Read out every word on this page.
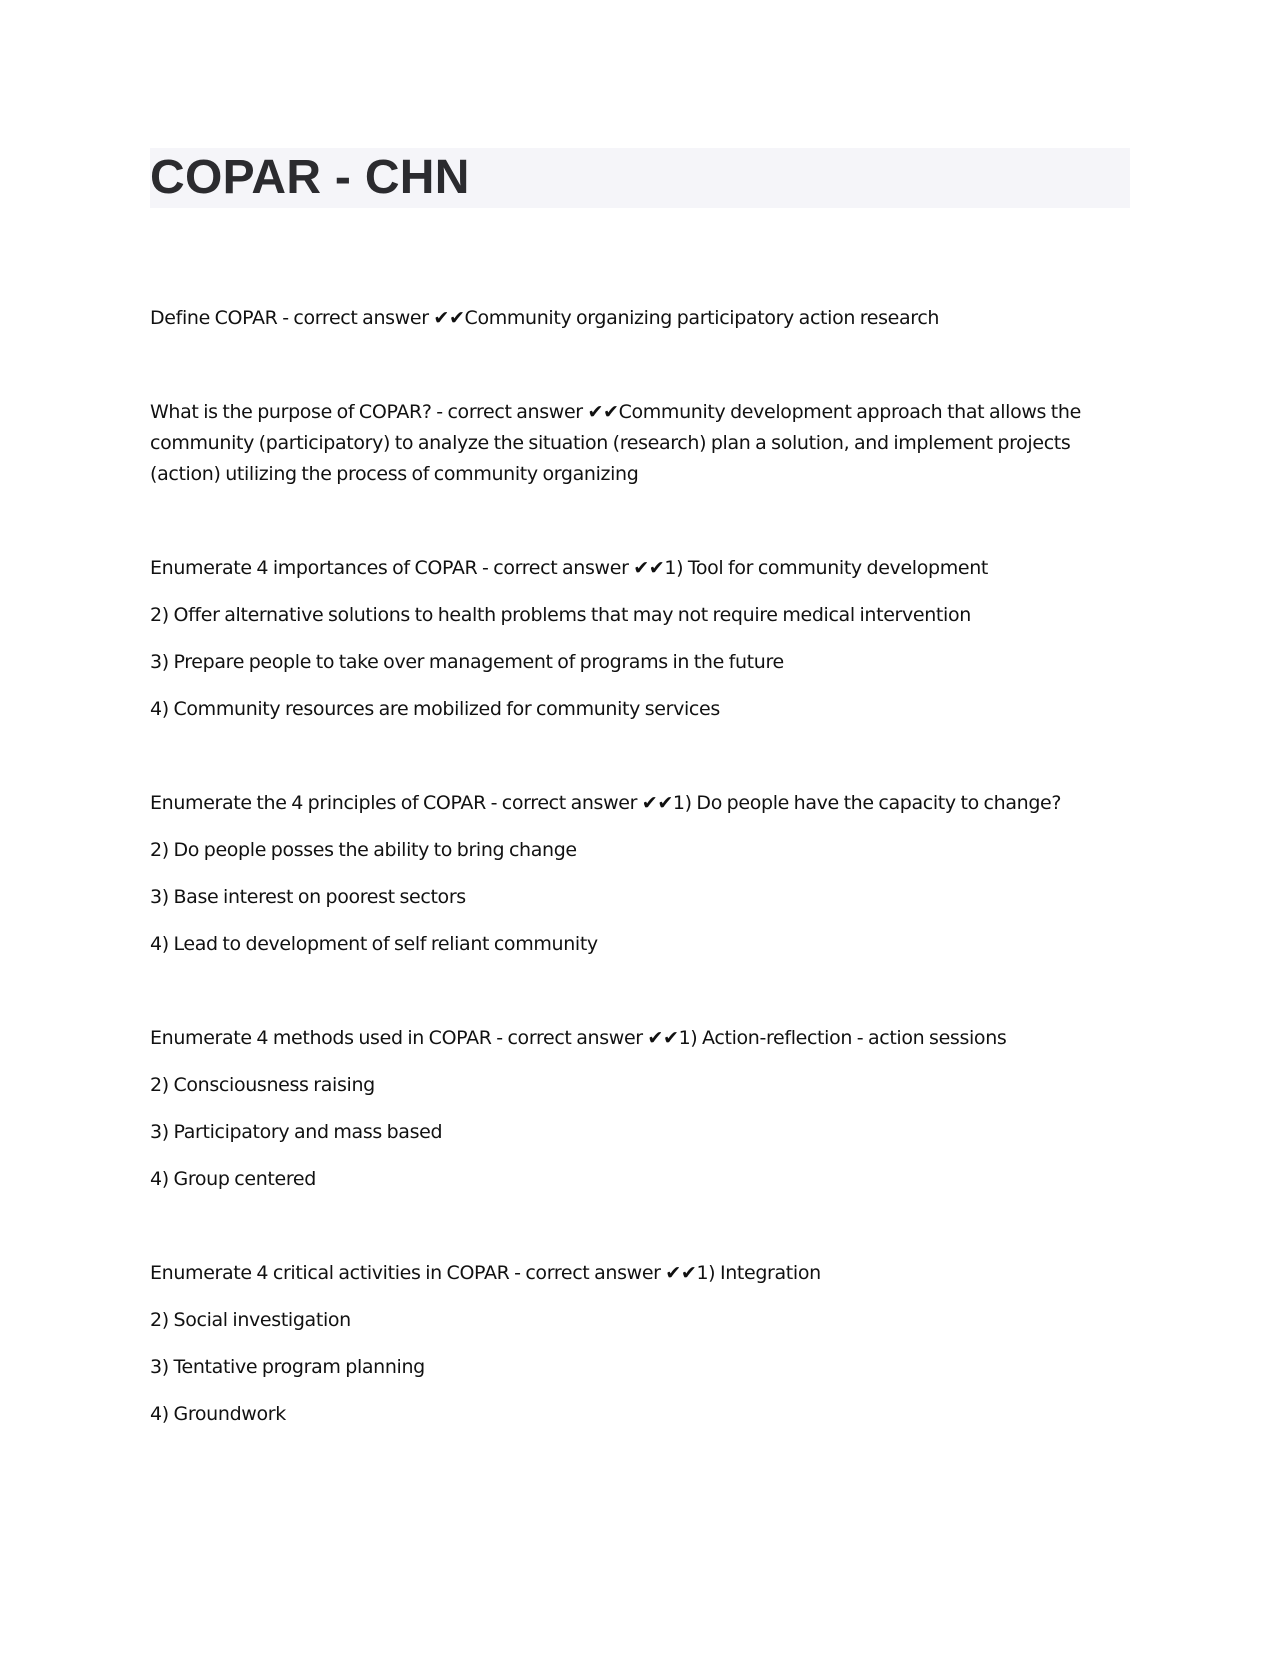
COPAR - CHN

Define COPAR - correct answer ✔✔Community organizing participatory action research

What is the purpose of COPAR? - correct answer ✔✔Community development approach that allows the community (participatory) to analyze the situation (research) plan a solution, and implement projects (action) utilizing the process of community organizing

Enumerate 4 importances of COPAR - correct answer ✔✔1) Tool for community development

2) Offer alternative solutions to health problems that may not require medical intervention

3) Prepare people to take over management of programs in the future

4) Community resources are mobilized for community services

Enumerate the 4 principles of COPAR - correct answer ✔✔1) Do people have the capacity to change?

2) Do people posses the ability to bring change

3) Base interest on poorest sectors

4) Lead to development of self reliant community

Enumerate 4 methods used in COPAR - correct answer ✔✔1) Action-reflection - action sessions

2) Consciousness raising

3) Participatory and mass based

4) Group centered

Enumerate 4 critical activities in COPAR - correct answer ✔✔1) Integration

2) Social investigation

3) Tentative program planning

4) Groundwork
